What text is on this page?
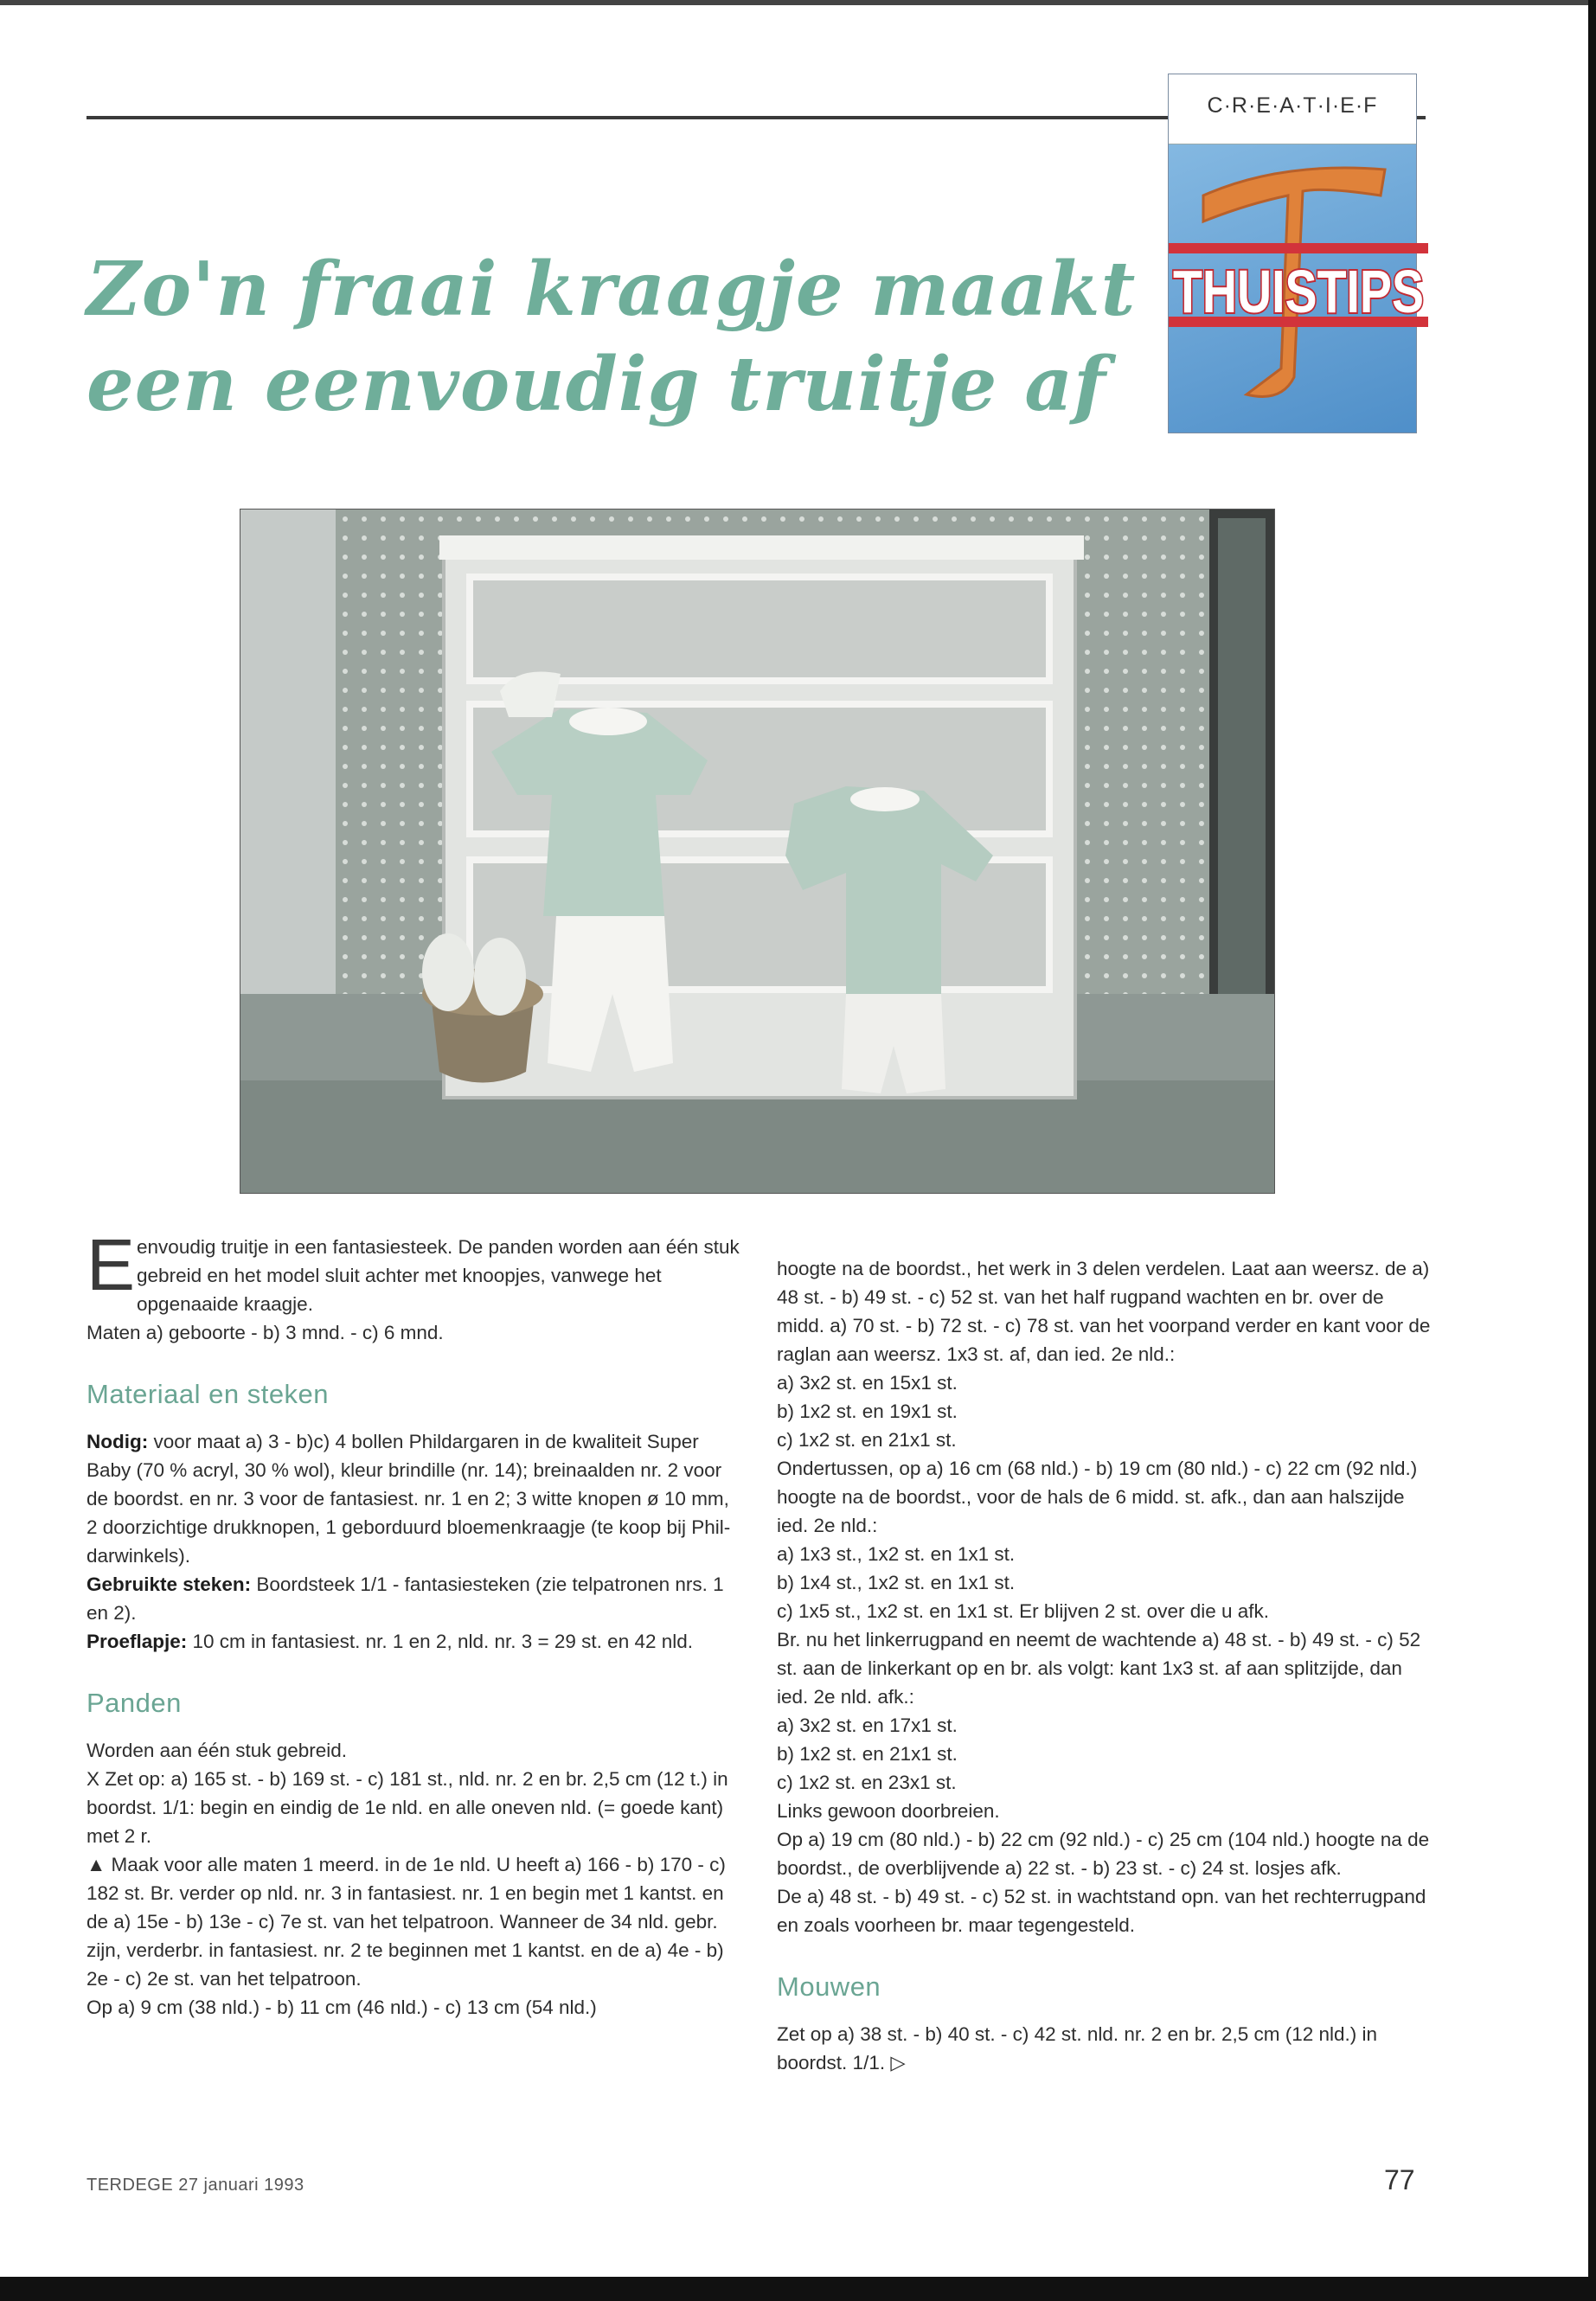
C·R·E·A·T·I·E·F
THUISTIPS
Zo'n fraai kraagje maakt
een eenvoudig truitje af

Eenvoudig truitje in een fantasiesteek. De panden worden aan één stuk gebreid en het model sluit achter met knoopjes, vanwege het opgenaaide kraagje.

Maten a) geboorte - b) 3 mnd. - c) 6 mnd.

Materiaal en steken

Nodig: voor maat a) 3 - b)c) 4 bollen Phildargaren in de kwaliteit Super Baby (70 % acryl, 30 % wol), kleur brindille (nr. 14); breinaalden nr. 2 voor de boordst. en nr. 3 voor de fantasiest. nr. 1 en 2; 3 witte knopen ø 10 mm, 2 doorzichtige drukknopen, 1 geborduurd bloemenkraagje (te koop bij Phil-darwinkels).

Gebruikte steken: Boordsteek 1/1 - fantasiesteken (zie telpatronen nrs. 1 en 2).

Proeflapje: 10 cm in fantasiest. nr. 1 en 2, nld. nr. 3 = 29 st. en 42 nld.

Panden

Worden aan één stuk gebreid.

X Zet op: a) 165 st. - b) 169 st. - c) 181 st., nld. nr. 2 en br. 2,5 cm (12 t.) in boordst. 1/1: begin en eindig de 1e nld. en alle oneven nld. (= goede kant) met 2 r.

▲ Maak voor alle maten 1 meerd. in de 1e nld. U heeft a) 166 - b) 170 - c) 182 st. Br. verder op nld. nr. 3 in fantasiest. nr. 1 en begin met 1 kantst. en de a) 15e - b) 13e - c) 7e st. van het telpatroon. Wanneer de 34 nld. gebr. zijn, verderbr. in fantasiest. nr. 2 te beginnen met 1 kantst. en de a) 4e - b) 2e - c) 2e st. van het telpatroon.

Op a) 9 cm (38 nld.) - b) 11 cm (46 nld.) - c) 13 cm (54 nld.)

hoogte na de boordst., het werk in 3 delen verdelen. Laat aan weersz. de a) 48 st. - b) 49 st. - c) 52 st. van het half rugpand wachten en br. over de midd. a) 70 st. - b) 72 st. - c) 78 st. van het voorpand verder en kant voor de raglan aan weersz. 1x3 st. af, dan ied. 2e nld.:

a) 3x2 st. en 15x1 st.

b) 1x2 st. en 19x1 st.

c) 1x2 st. en 21x1 st.

Ondertussen, op a) 16 cm (68 nld.) - b) 19 cm (80 nld.) - c) 22 cm (92 nld.) hoogte na de boordst., voor de hals de 6 midd. st. afk., dan aan halszijde ied. 2e nld.:

a) 1x3 st., 1x2 st. en 1x1 st.

b) 1x4 st., 1x2 st. en 1x1 st.

c) 1x5 st., 1x2 st. en 1x1 st. Er blijven 2 st. over die u afk.

Br. nu het linkerrugpand en neemt de wachtende a) 48 st. - b) 49 st. - c) 52 st. aan de linkerkant op en br. als volgt: kant 1x3 st. af aan splitzijde, dan ied. 2e nld. afk.:

a) 3x2 st. en 17x1 st.

b) 1x2 st. en 21x1 st.

c) 1x2 st. en 23x1 st.

Links gewoon doorbreien.

Op a) 19 cm (80 nld.) - b) 22 cm (92 nld.) - c) 25 cm (104 nld.) hoogte na de boordst., de overblijvende a) 22 st. - b) 23 st. - c) 24 st. losjes afk.

De a) 48 st. - b) 49 st. - c) 52 st. in wachtstand opn. van het rechterrugpand en zoals voorheen br. maar tegengesteld.

Mouwen

Zet op a) 38 st. - b) 40 st. - c) 42 st. nld. nr. 2 en br. 2,5 cm (12 nld.) in boordst. 1/1. ▷

TERDEGE 27 januari 1993	77
